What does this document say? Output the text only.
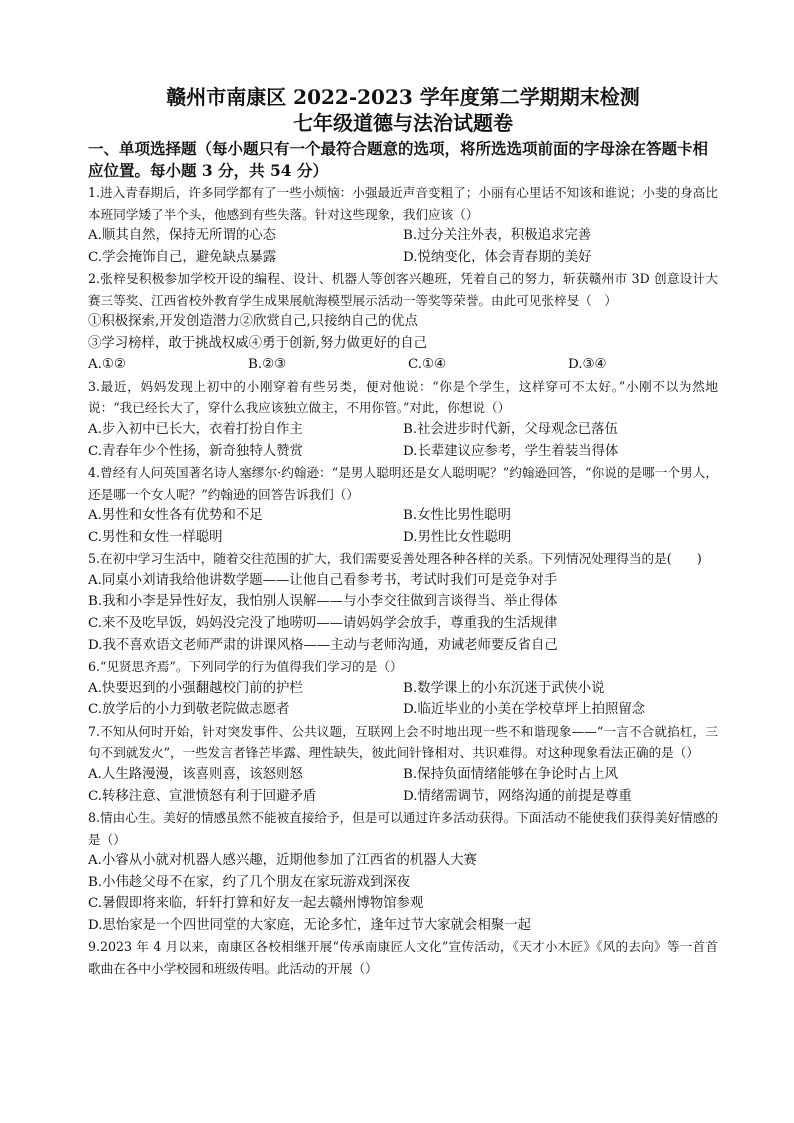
赣州市南康区 2022-2023 学年度第二学期期末检测

七年级道德与法治试题卷

一、单项选择题（每小题只有一个最符合题意的选项，将所选选项前面的字母涂在答题卡相应位置。每小题 3 分，共 54 分）

1.进入青春期后，许多同学都有了一些小烦恼：小强最近声音变粗了；小丽有心里话不知该和谁说；小斐的身高比本班同学矮了半个头，他感到有些失落。针对这些现象，我们应该（）

A.顺其自然，保持无所谓的心态	B.过分关注外表，积极追求完善
C.学会掩饰自己，避免缺点暴露	D.悦纳变化，体会青春期的美好

2.张梓旻积极参加学校开设的编程、设计、机器人等创客兴趣班，凭着自己的努力，斩获赣州市 3D 创意设计大赛三等奖、江西省校外教育学生成果展航海模型展示活动一等奖等荣誉。由此可见张梓旻（　）

①积极探索,开发创造潜力②欣赏自己,只接纳自己的优点

③学习榜样，敢于挑战权威④勇于创新,努力做更好的自己

A.①②	B.②③	C.①④	D.③④

3.最近，妈妈发现上初中的小刚穿着有些另类，便对他说：“你是个学生，这样穿可不太好。”小刚不以为然地说：“我已经长大了，穿什么我应该独立做主，不用你管。”对此，你想说（）

A.步入初中已长大，衣着打扮自作主	B.社会进步时代新，父母观念已落伍
C.青春年少个性扬，新奇独特人赞赏	D.长辈建议应参考，学生着装当得体

4.曾经有人问英国著名诗人塞缪尔·约翰逊：“是男人聪明还是女人聪明呢？”约翰逊回答，“你说的是哪一个男人，还是哪一个女人呢？”约翰逊的回答告诉我们（）

A.男性和女性各有优势和不足	B.女性比男性聪明
C.男性和女性一样聪明	D.男性比女性聪明

5.在初中学习生活中，随着交往范围的扩大，我们需要妥善处理各种各样的关系。下列情况处理得当的是(　　)

A.同桌小刘请我给他讲数学题——让他自己看参考书，考试时我们可是竞争对手

B.我和小李是异性好友，我怕别人误解——与小李交往做到言谈得当、举止得体

C.来不及吃早饭，妈妈没完没了地唠叨——请妈妈学会放手，尊重我的生活规律

D.我不喜欢语文老师严肃的讲课风格——主动与老师沟通，劝诫老师要反省自己

6.“见贤思齐焉”。下列同学的行为值得我们学习的是（）

A.快要迟到的小强翻越校门前的护栏	B.数学课上的小东沉迷于武侠小说
C.放学后的小力到敬老院做志愿者	D.临近毕业的小美在学校草坪上拍照留念

7.不知从何时开始，针对突发事件、公共议题，互联网上会不时地出现一些不和谐现象——“一言不合就掐杠，三句不到就发火”，一些发言者锋芒毕露、理性缺失，彼此间针锋相对、共识难得。对这种现象看法正确的是（）

A.人生路漫漫，该喜则喜，该怒则怒	B.保持负面情绪能够在争论时占上风
C.转移注意、宣泄愤怒有利于回避矛盾	D.情绪需调节，网络沟通的前提是尊重

8.情由心生。美好的情感虽然不能被直接给予，但是可以通过许多活动获得。下面活动不能使我们获得美好情感的是（）

A.小睿从小就对机器人感兴趣，近期他参加了江西省的机器人大赛

B.小伟趁父母不在家，约了几个朋友在家玩游戏到深夜

C.暑假即将来临，轩轩打算和好友一起去赣州博物馆参观

D.思怡家是一个四世同堂的大家庭，无论多忙，逢年过节大家就会相聚一起

9.2023 年 4 月以来，南康区各校相继开展“传承南康匠人文化”宣传活动，《天才小木匠》《风的去向》等一首首歌曲在各中小学校园和班级传唱。此活动的开展（）
